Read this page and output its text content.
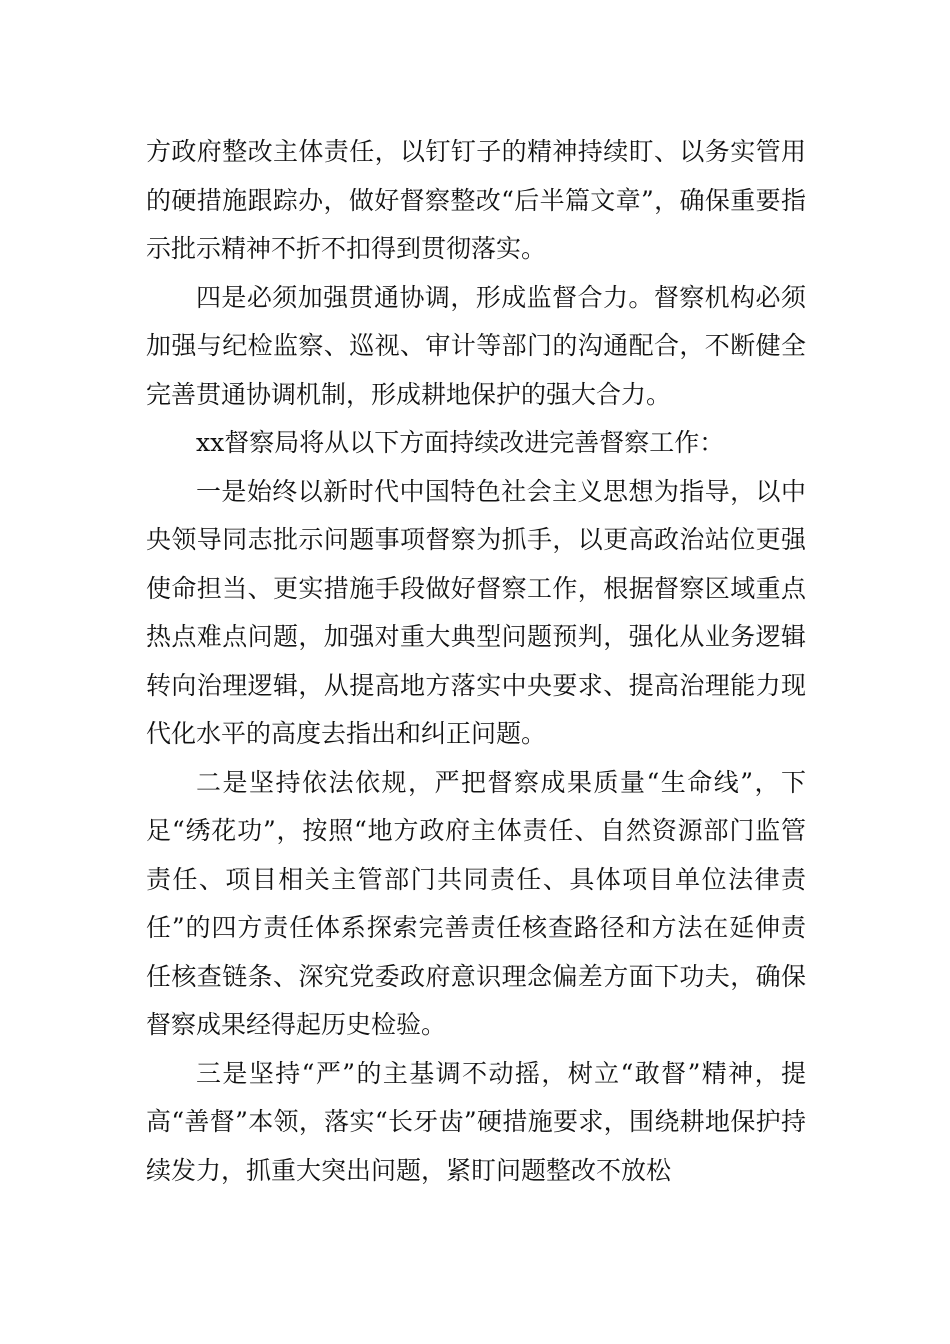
方政府整改主体责任，以钉钉子的精神持续盯、以务实管用的硬措施跟踪办，做好督察整改“后半篇文章”，确保重要指示批示精神不折不扣得到贯彻落实。

四是必须加强贯通协调，形成监督合力。督察机构必须加强与纪检监察、巡视、审计等部门的沟通配合，不断健全完善贯通协调机制，形成耕地保护的强大合力。

xx督察局将从以下方面持续改进完善督察工作：

一是始终以新时代中国特色社会主义思想为指导，以中央领导同志批示问题事项督察为抓手，以更高政治站位更强使命担当、更实措施手段做好督察工作，根据督察区域重点热点难点问题，加强对重大典型问题预判，强化从业务逻辑转向治理逻辑，从提高地方落实中央要求、提高治理能力现代化水平的高度去指出和纠正问题。

二是坚持依法依规，严把督察成果质量“生命线”，下足“绣花功”，按照“地方政府主体责任、自然资源部门监管责任、项目相关主管部门共同责任、具体项目单位法律责任”的四方责任体系探索完善责任核查路径和方法在延伸责任核查链条、深究党委政府意识理念偏差方面下功夫，确保督察成果经得起历史检验。

三是坚持“严”的主基调不动摇，树立“敢督”精神，提高“善督”本领，落实“长牙齿”硬措施要求，围绕耕地保护持续发力，抓重大突出问题，紧盯问题整改不放松
